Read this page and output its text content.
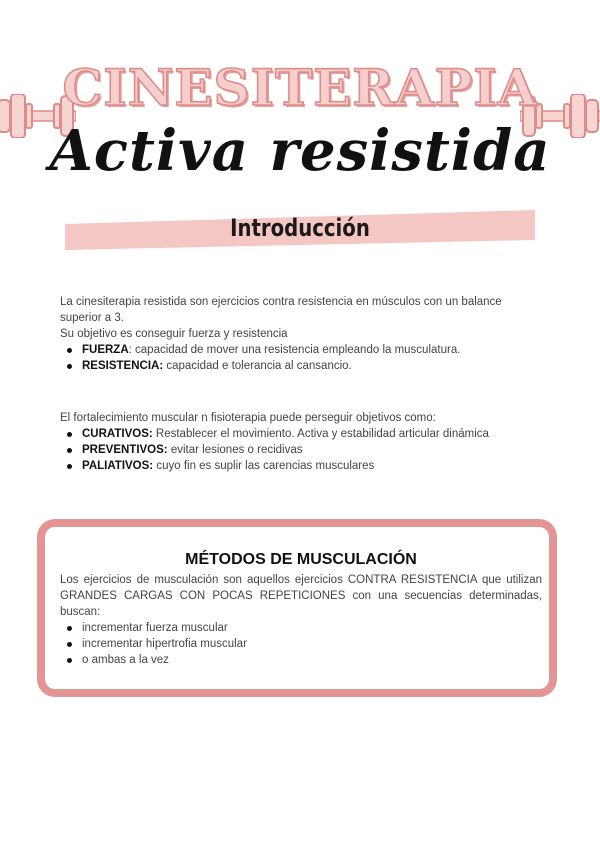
CINESITERAPIA
Activa resistida
Introducción

La cinesiterapia resistida son ejercicios contra resistencia en músculos con un balance superior a 3.

Su objetivo es conseguir fuerza y resistencia

FUERZA: capacidad de mover una resistencia empleando la musculatura.
RESISTENCIA: capacidad e tolerancia al cansancio.

El fortalecimiento muscular n fisioterapia puede perseguir objetivos como:

CURATIVOS: Restablecer el movimiento. Activa y estabilidad articular dinámica
PREVENTIVOS: evitar lesiones o recidivas
PALIATIVOS: cuyo fin es suplir las carencias musculares
MÉTODOS DE MUSCULACIÓN

Los ejercicios de musculación son aquellos ejercicios CONTRA RESISTENCIA que utilizan GRANDES CARGAS CON POCAS REPETICIONES con una secuencias determinadas, buscan:

incrementar fuerza muscular
incrementar hipertrofia muscular
o ambas a la vez
